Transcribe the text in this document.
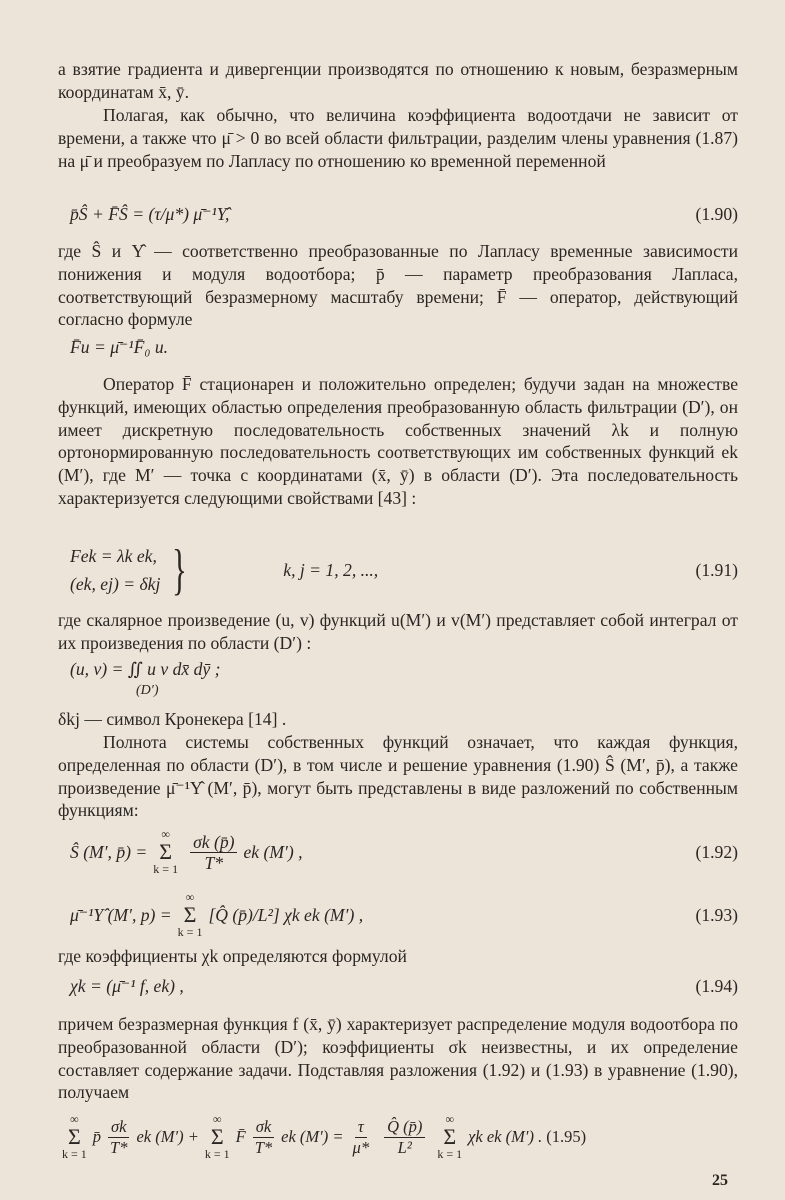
а взятие градиента и дивергенции производятся по отношению к новым, безразмерным координатам x̄, ȳ.

Полагая, как обычно, что величина коэффициента водоотдачи не зависит от времени, а также что μ̄ > 0 во всей области фильтрации, разделим члены уравнения (1.87) на μ̄ и преобразуем по Лапласу по отношению ко временной переменной

p̄Ŝ + F̄Ŝ = (τ/μ*) μ̄⁻¹Υ̂,	(1.90)

где Ŝ и Υ̂ — соответственно преобразованные по Лапласу временные зависимости понижения и модуля водоотбора; p̄ — параметр преобразования Лапласа, соответствующий безразмерному масштабу времени; F̄ — оператор, действующий согласно формуле

F̄u = μ̄⁻¹F̄₀ u.

Оператор F̄ стационарен и положительно определен; будучи задан на множестве функций, имеющих областью определения преобразованную область фильтрации (D′), он имеет дискретную последовательность собственных значений λk и полную ортонормированную последовательность соответствующих им собственных функций ek (M′), где M′ — точка с координатами (x̄, ȳ) в области (D′). Эта последовательность характеризуется следующими свойствами [43] :

Fek = λk ek,
(ek, ej) = δkj }	k, j = 1, 2, ...,	(1.91)

где скалярное произведение (u, v) функций u(M′) и v(M′) представляет собой интеграл от их произведения по области (D′) :

(u, v) = ∬ u v dx̄ dȳ ;
(D′)

δkj — символ Кронекера [14] .

Полнота системы собственных функций означает, что каждая функция, определенная по области (D′), в том числе и решение уравнения (1.90) Ŝ (M′, p̄), а также произведение μ̄⁻¹Υ̂ (M′, p̄), могут быть представлены в виде разложений по собственным функциям:

Ŝ (M′, p̄) =
∞
Σ
$k = 1 \frac{\sigma k (p̄)}{T*}$ ek (M′) ,	(1.92)
μ̄⁻¹Υ̂ (M′, p) =
∞
Σ
k = 1
[Q̂ (p̄)/L²] χk ek (M′) ,	(1.93)

где коэффициенты χk определяются формулой

χk = (μ̄⁻¹ f, ek) ,	(1.94)

причем безразмерная функция f (x̄, ȳ) характеризует распределение модуля водоотбора по преобразованной области (D′); коэффициенты σk неизвестны, и их определение составляет содержание задачи. Подставляя разложения (1.92) и (1.93) в уравнение (1.90), получаем

∞
Σ
k = 1
p̄ $\frac{\sigma k}{T*}$ ek (M′) +
∞
Σ
k = 1
F̄ $\frac{\sigma k}{T*}$ ek $(M') = \frac{\tau}{\mu*} \frac{Q̂ (p̄)}{\text{L²}}$ ∞
Σ
k = 1
χk ek (M′) . (1.95)
25
